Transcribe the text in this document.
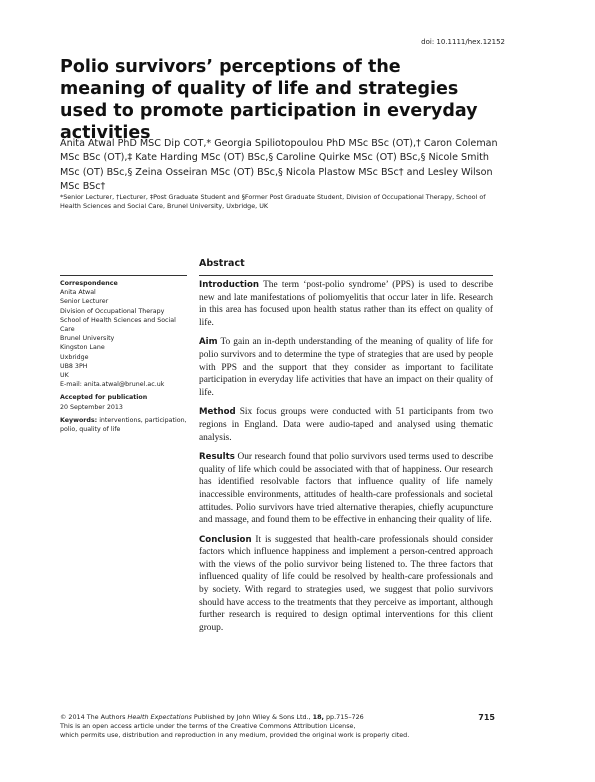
doi: 10.1111/hex.12152
Polio survivors’ perceptions of the meaning of quality of life and strategies used to promote participation in everyday activities
Anita Atwal PhD MSC Dip COT,* Georgia Spiliotopoulou PhD MSc BSc (OT),† Caron Coleman MSc BSc (OT),‡ Kate Harding MSc (OT) BSc,§ Caroline Quirke MSc (OT) BSc,§ Nicole Smith MSc (OT) BSc,§ Zeina Osseiran MSc (OT) BSc,§ Nicola Plastow MSc BSc† and Lesley Wilson MSc BSc†
*Senior Lecturer, †Lecturer, ‡Post Graduate Student and §Former Post Graduate Student, Division of Occupational Therapy, School of Health Sciences and Social Care, Brunel University, Uxbridge, UK
Abstract
Correspondence
Anita Atwal
Senior Lecturer
Division of Occupational Therapy
School of Health Sciences and Social
Care
Brunel University
Kingston Lane
Uxbridge
UB8 3PH
UK
E-mail: anita.atwal@brunel.ac.uk
Accepted for publication
20 September 2013
Keywords: interventions, participation, polio, quality of life

Introduction The term ‘post-polio syndrome’ (PPS) is used to describe new and late manifestations of poliomyelitis that occur later in life. Research in this area has focused upon health status rather than its effect on quality of life.

Aim To gain an in-depth understanding of the meaning of quality of life for polio survivors and to determine the type of strategies that are used by people with PPS and the support that they consider as important to facilitate participation in everyday life activities that have an impact on their quality of life.

Method Six focus groups were conducted with 51 participants from two regions in England. Data were audio-taped and analysed using thematic analysis.

Results Our research found that polio survivors used terms used to describe quality of life which could be associated with that of happiness. Our research has identified resolvable factors that influence quality of life namely inaccessible environments, attitudes of health-care professionals and societal attitudes. Polio survivors have tried alternative therapies, chiefly acupuncture and massage, and found them to be effective in enhancing their quality of life.

Conclusion It is suggested that health-care professionals should consider factors which influence happiness and implement a person-centred approach with the views of the polio survivor being listened to. The three factors that influenced quality of life could be resolved by health-care professionals and by society. With regard to strategies used, we suggest that polio survivors should have access to the treatments that they perceive as important, although further research is required to design optimal interventions for this client group.

© 2014 The Authors Health Expectations Published by John Wiley & Sons Ltd., 18, pp.715–726
This is an open access article under the terms of the Creative Commons Attribution License,
which permits use, distribution and reproduction in any medium, provided the original work is properly cited.
715
